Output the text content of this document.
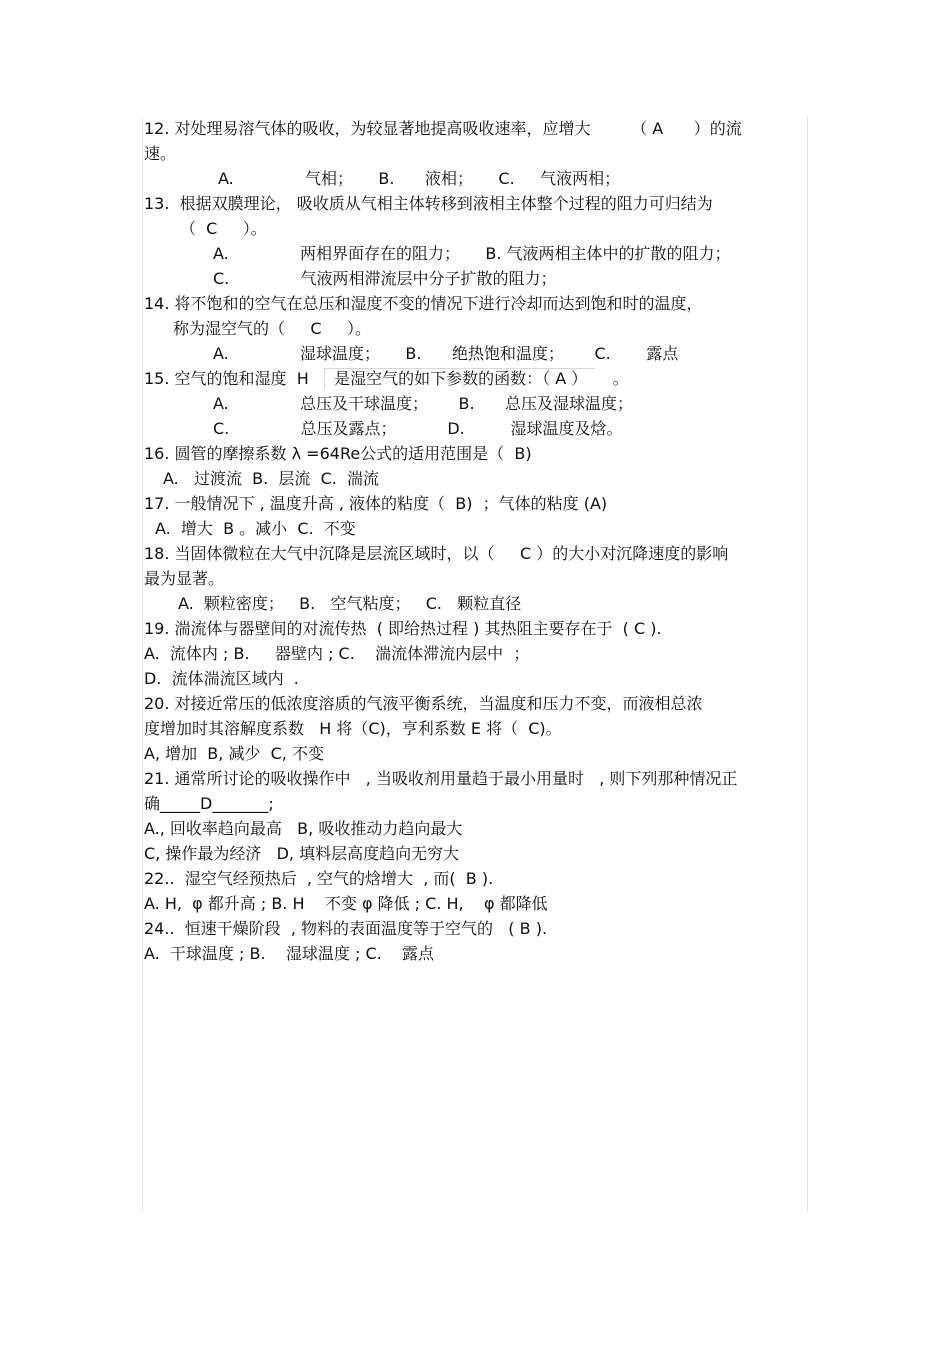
12. 对处理易溶气体的吸收，为较显著地提高吸收速率，应增大        （ A      ）的流
速。
A.              气相；     B.      液相；     C.     气液两相；
13.  根据双膜理论， 吸收质从气相主体转移到液相主体整个过程的阻力可归结为
（  C     ）。
A.              两相界面存在的阻力；     B. 气液两相主体中的扩散的阻力；
C.              气液两相滞流层中分子扩散的阻力；
14. 将不饱和的空气在总压和湿度不变的情况下进行冷却而达到饱和时的温度，
称为湿空气的（     C     ）。
A.              湿球温度；     B.      绝热饱和温度；      C.       露点
15. 空气的饱和湿度  H     是湿空气的如下参数的函数：（ A ）     。
A.              总压及干球温度；      B.      总压及湿球温度；
C.              总压及露点；          D.         湿球温度及焓。
16. 圆管的摩擦系数 λ =64Re公式的适用范围是（  B)
A.   过渡流  B.  层流  C.  湍流
17. 一般情况下 , 温度升高 , 液体的粘度（  B)  ；气体的粘度 (A)
A.  增大  B 。减小  C.  不变
18. 当固体微粒在大气中沉降是层流区域时，以（     C ）的大小对沉降速度的影响
最为显著。
A.  颗粒密度；   B.   空气粘度；   C.   颗粒直径
19. 湍流体与器壁间的对流传热  ( 即给热过程 ) 其热阻主要存在于  ( C ).
A.  流体内 ; B.     器壁内 ; C.    湍流体滞流内层中  ；
D.  流体湍流区域内  .
20. 对接近常压的低浓度溶质的气液平衡系统，当温度和压力不变，而液相总浓
度增加时其溶解度系数   H 将（C)，亨利系数 E 将（  C)。
A, 增加  B, 减少  C, 不变
21. 通常所讨论的吸收操作中   , 当吸收剂用量趋于最小用量时   , 则下列那种情况正
确_____D_______;
A., 回收率趋向最高   B, 吸收推动力趋向最大
C, 操作最为经济   D, 填料层高度趋向无穷大
22..  湿空气经预热后  , 空气的焓增大  , 而(  B ).
A. H,  φ 都升高 ; B. H    不变 φ 降低 ; C. H,    φ 都降低
24..  恒速干燥阶段  , 物料的表面温度等于空气的   ( B ).
A.  干球温度 ; B.    湿球温度 ; C.    露点
